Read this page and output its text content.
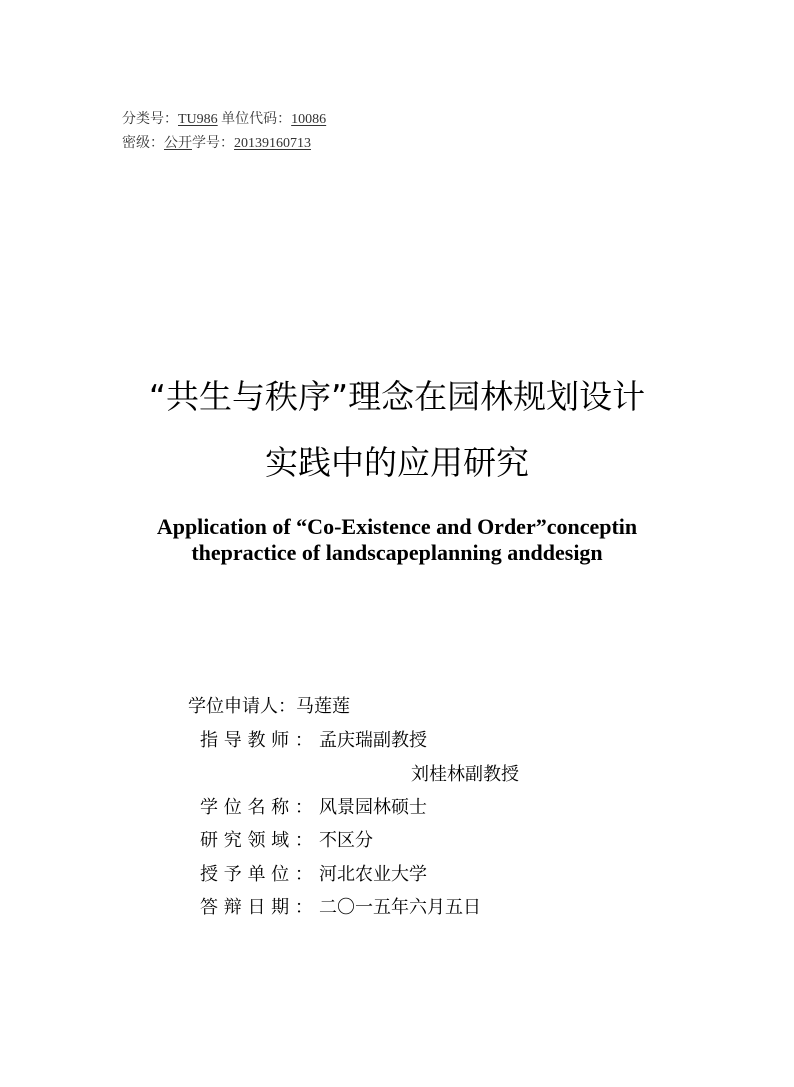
分类号：TU986 单位代码：10086
密级：公开学号：20139160713
“共生与秩序”理念在园林规划设计
实践中的应用研究
Application of “Co-Existence and Order”conceptin
thepractice of landscapeplanning anddesign
学位申请人：马莲莲
指 导 教 师 ： 孟庆瑞副教授
刘桂林副教授
学 位 名 称 ： 风景园林硕士
研 究 领 域 ： 不区分
授 予 单 位 ： 河北农业大学
答 辩 日 期 ： 二〇一五年六月五日
